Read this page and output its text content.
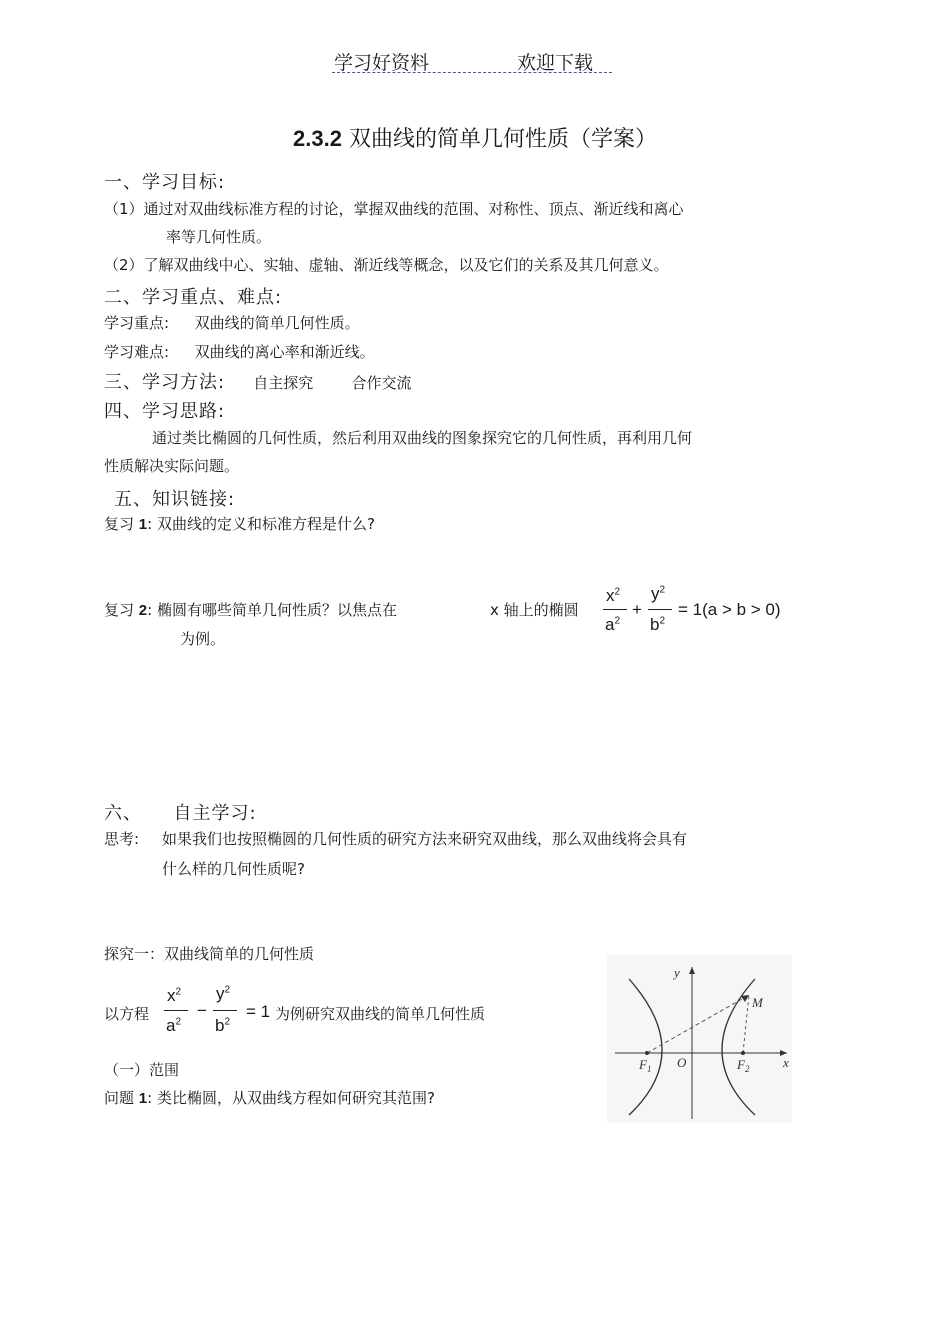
学习好资料	欢迎下载
2.3.2 双曲线的简单几何性质（学案）
一、学习目标:
（1）通过对双曲线标准方程的讨论，掌握双曲线的范围、对称性、顶点、渐近线和离心
率等几何性质。
（2）了解双曲线中心、实轴、虚轴、渐近线等概念，以及它们的关系及其几何意义。
二、学习重点、难点:
学习重点: 双曲线的简单几何性质。
学习难点: 双曲线的离心率和渐近线。
三、学习方法: 自主探究	合作交流
四、学习思路:
通过类比椭圆的几何性质，然后利用双曲线的图象探究它的几何性质，再利用几何
性质解决实际问题。
五、知识链接:
复习 1: 双曲线的定义和标准方程是什么?
复习 2: 椭圆有哪些简单几何性质？以焦点在	x 轴上的椭圆
为例。
$x^2$
$a^2$
+
$y^2$
$b^2$
= 1(a > b > 0)
六、 自主学习:
思考: 如果我们也按照椭圆的几何性质的研究方法来研究双曲线，那么双曲线将会具有
什么样的几何性质呢?
探究一：双曲线简单的几何性质
以方程
$x^2$
$a^2$
−
$y^2$
$b^2$
= 1 为例研究双曲线的简单几何性质
（一）范围
问题 1: 类比椭圆，从双曲线方程如何研究其范围?
y
x
O
M
$F_1$	$F_2$
